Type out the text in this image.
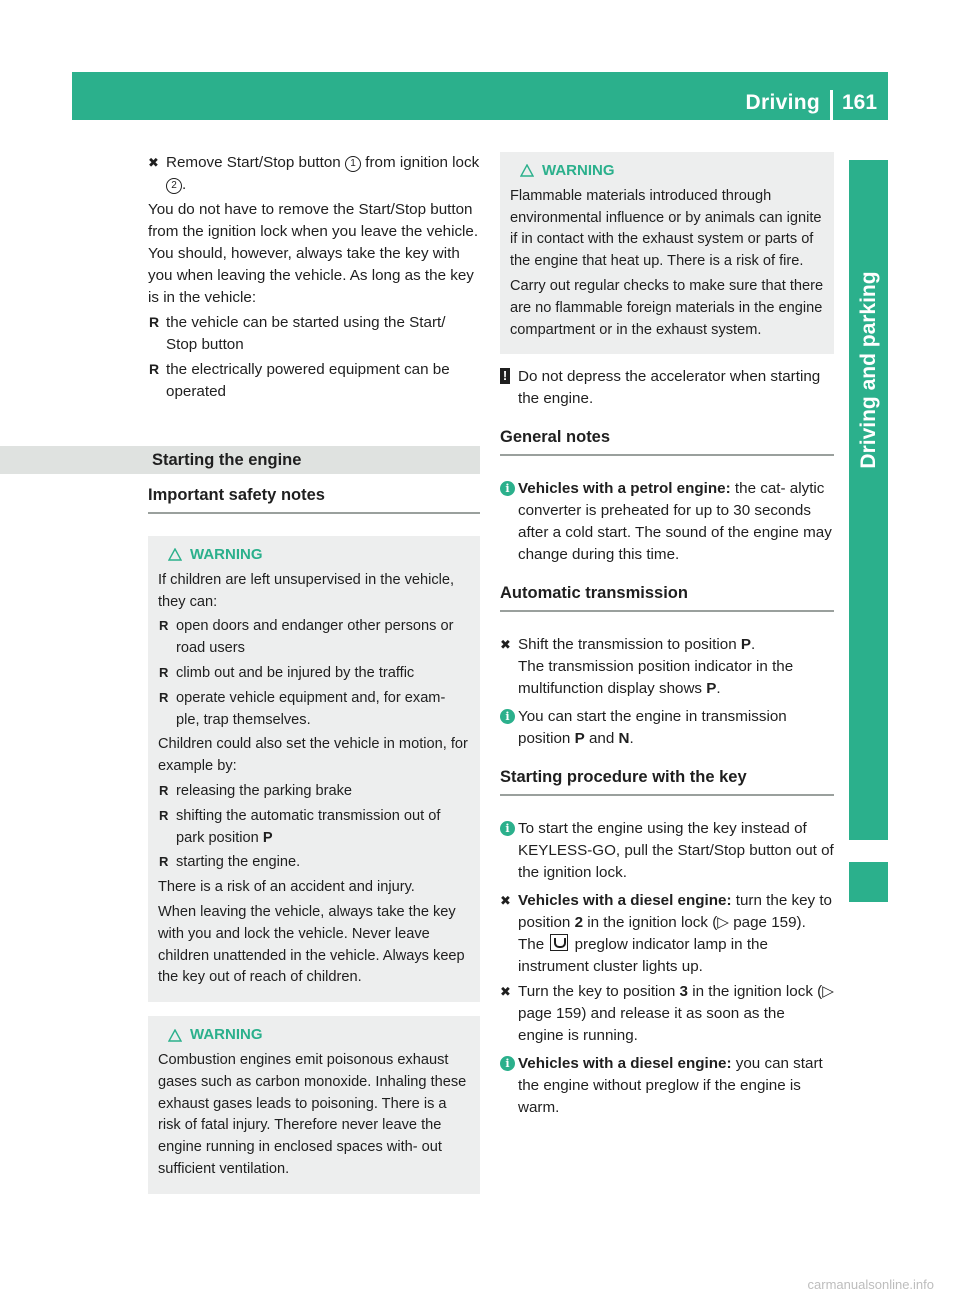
Driving 161
Driving and parking
✖ Remove Start/Stop button 1 from ignition lock 2 .

You do not have to remove the Start/Stop button from the ignition lock when you leave the vehicle. You should, however, always take the key with you when leaving the vehicle. As long as the key is in the vehicle:

R the vehicle can be started using the Start/ Stop button
R the electrically powered equipment can be operated
Starting the engine
Important safety notes
WARNING

If children are left unsupervised in the vehicle, they can:

R open doors and endanger other persons or road users
R climb out and be injured by the traffic
R operate vehicle equipment and, for exam- ple, trap themselves.

Children could also set the vehicle in motion, for example by:

R releasing the parking brake
R shifting the automatic transmission out of park position P
R starting the engine.

There is a risk of an accident and injury.

When leaving the vehicle, always take the key with you and lock the vehicle. Never leave children unattended in the vehicle. Always keep the key out of reach of children.

WARNING

Combustion engines emit poisonous exhaust gases such as carbon monoxide. Inhaling these exhaust gases leads to poisoning. There is a risk of fatal injury. Therefore never leave the engine running in enclosed spaces with- out sufficient ventilation.

WARNING

Flammable materials introduced through environmental influence or by animals can ignite if in contact with the exhaust system or parts of the engine that heat up. There is a risk of fire.

Carry out regular checks to make sure that there are no flammable foreign materials in the engine compartment or in the exhaust system.

! Do not depress the accelerator when starting the engine.
General notes
i Vehicles with a petrol engine: the cat- alytic converter is preheated for up to 30 seconds after a cold start. The sound of the engine may change during this time.
Automatic transmission
✖ Shift the transmission to position P.
The transmission position indicator in the multifunction display shows P.
i You can start the engine in transmission position P and N.
Starting procedure with the key
i To start the engine using the key instead of KEYLESS-GO, pull the Start/Stop button out of the ignition lock.
✖ Vehicles with a diesel engine: turn the key to position 2 in the ignition lock (▷ page 159).
The  preglow indicator lamp in the instrument cluster lights up.
✖ Turn the key to position 3 in the ignition lock (▷ page 159) and release it as soon as the engine is running.
i Vehicles with a diesel engine: you can start the engine without preglow if the engine is warm.
carmanualsonline.info
